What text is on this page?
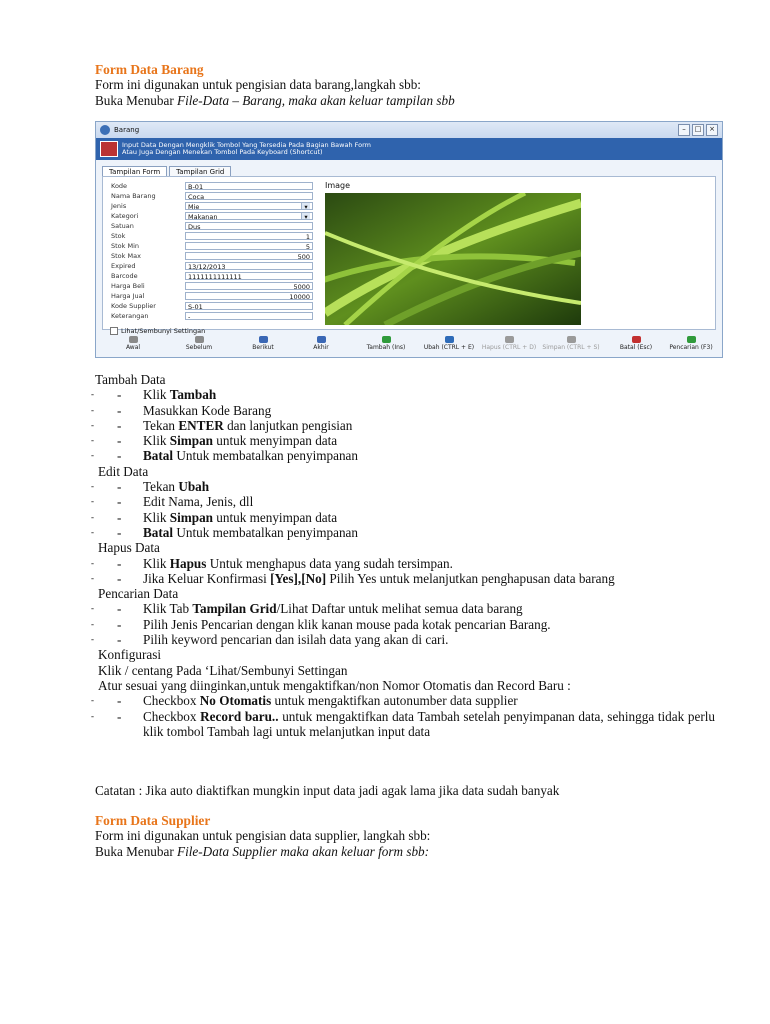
Form Data Barang
Form ini digunakan untuk pengisian data barang,langkah sbb:
Buka Menubar File-Data – Barang, maka akan keluar tampilan sbb
Barang	–	□	×
Input Data Dengan Mengklik Tombol Yang Tersedia Pada Bagian Bawah Form
Atau Juga Dengan Menekan Tombol Pada Keyboard (Shortcut)
Tampilan Form	Tampilan Grid
Kode	B-01
Nama Barang	Coca
Jenis	Mie	▾
Kategori	Makanan	▾
Satuan	Dus
Stok	1
Stok Min	5
Stok Max	500
Expired	13/12/2013
Barcode	1111111111111
Harga Beli	5000
Harga Jual	10000
Kode Supplier	S-01
Keterangan	-
Image
Lihat/Sembunyi Settingan
Awal	Sebelum	Berikut	Akhir	Tambah (Ins)	Ubah (CTRL + E)	Hapus (CTRL + D)	Simpan (CTRL + S)	Batal (Esc)	Pencarian (F3)
Tambah Data
- - Klik Tambah
- - Masukkan Kode Barang
- - Tekan ENTER dan lanjutkan pengisian
- - Klik Simpan untuk menyimpan data
- - Batal Untuk membatalkan penyimpanan
Edit Data
- - Tekan Ubah
- - Edit Nama, Jenis, dll
- - Klik Simpan untuk menyimpan data
- - Batal Untuk membatalkan penyimpanan
Hapus Data
- - Klik Hapus Untuk menghapus data yang sudah tersimpan.
- - Jika Keluar Konfirmasi [Yes],[No] Pilih Yes untuk melanjutkan penghapusan data barang
Pencarian Data
- - Klik Tab Tampilan Grid/Lihat Daftar untuk melihat semua data barang
- - Pilih Jenis Pencarian dengan klik kanan mouse pada kotak pencarian Barang.
- - Pilih keyword pencarian dan isilah data yang akan di cari.
Konfigurasi
Klik / centang Pada ‘Lihat/Sembunyi Settingan
Atur sesuai yang diinginkan,untuk mengaktifkan/non Nomor Otomatis dan Record Baru :
- - Checkbox No Otomatis untuk mengaktifkan autonumber data supplier
- - Checkbox Record baru.. untuk mengaktifkan data Tambah setelah penyimpanan data, sehingga tidak perlu klik tombol Tambah lagi untuk melanjutkan input data
Catatan : Jika auto diaktifkan mungkin input data jadi agak lama jika data sudah banyak
Form Data Supplier
Form ini digunakan untuk pengisian data supplier, langkah sbb:
Buka Menubar File-Data Supplier maka akan keluar form sbb:
